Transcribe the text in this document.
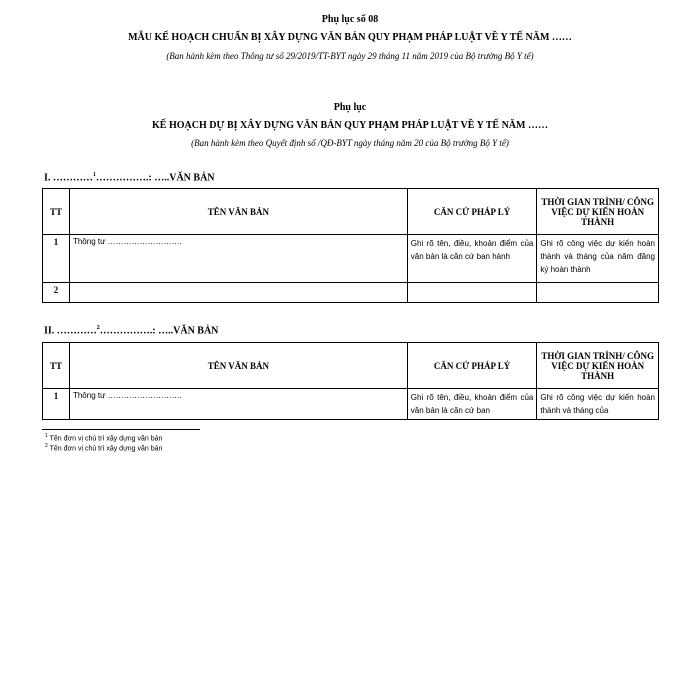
Phụ lục số 08
MẪU KẾ HOẠCH CHUẨN BỊ XÂY DỰNG VĂN BẢN QUY PHẠM PHÁP LUẬT VỀ Y TẾ NĂM ……
(Ban hành kèm theo Thông tư số 29/2019/TT-BYT ngày 29 tháng 11 năm 2019 của Bộ trưởng Bộ Y tế)
Phụ lục
KẾ HOẠCH DỰ BỊ XÂY DỰNG VĂN BẢN QUY PHẠM PHÁP LUẬT VỀ Y TẾ NĂM ……
(Ban hành kèm theo Quyết định số /QĐ-BYT ngày tháng năm 20 của Bộ trưởng Bộ Y tế)
I. …………$^1$…………….: …..VĂN BẢN
TT	TÊN VĂN BẢN	CĂN CỨ PHÁP LÝ	THỜI GIAN TRÌNH/ CÔNG VIỆC DỰ KIẾN HOÀN THÀNH
1	Thông tư ……………………….	Ghi rõ tên, điều, khoản điểm của văn bản là căn cứ ban hành	Ghi rõ công việc dự kiến hoàn thành và tháng của năm đăng ký hoàn thành
2			
II. …………$^2$…………….: …..VĂN BẢN
TT	TÊN VĂN BẢN	CĂN CỨ PHÁP LÝ	THỜI GIAN TRÌNH/ CÔNG VIỆC DỰ KIẾN HOÀN THÀNH
1	Thông tư ……………………….	Ghi rõ tên, điều, khoản điểm của văn bản là căn cứ ban	Ghi rõ công việc dự kiến hoàn thành và tháng của
$^1$ Tên đơn vị chủ trì xây dựng văn bản
$^2$ Tên đơn vị chủ trì xây dựng văn bản
